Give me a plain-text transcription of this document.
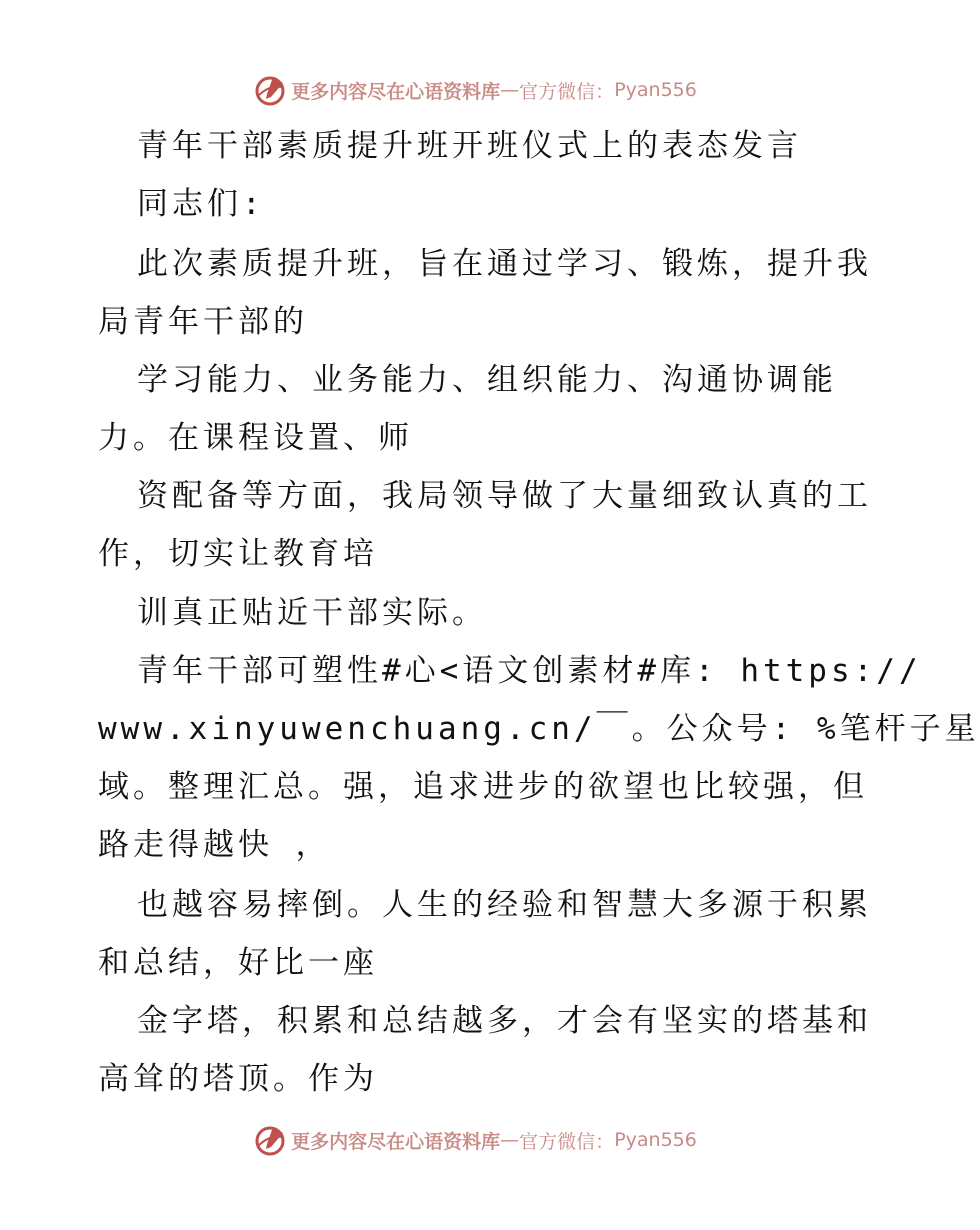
更多内容尽在心语资料库 — 官方微信： Pyan556
青年干部素质提升班开班仪式上的表态发言
同志们:
此次素质提升班，旨在通过学习、锻炼，提升我
局青年干部的
学习能力、业务能力、组织能力、沟通协调能
力。在课程设置、师
资配备等方面，我局领导做了大量细致认真的工
作，切实让教育培
训真正贴近干部实际。
青年干部可塑性#心<语文创素材#库: https://
www.xinyuwenchuang.cn/￣。公众号: %笔杆子星
域。整理汇总。强，追求进步的欲望也比较强，但
路走得越快 ，
也越容易摔倒。人生的经验和智慧大多源于积累
和总结，好比一座
金字塔，积累和总结越多，才会有坚实的塔基和
高耸的塔顶。作为
更多内容尽在心语资料库 — 官方微信： Pyan556
